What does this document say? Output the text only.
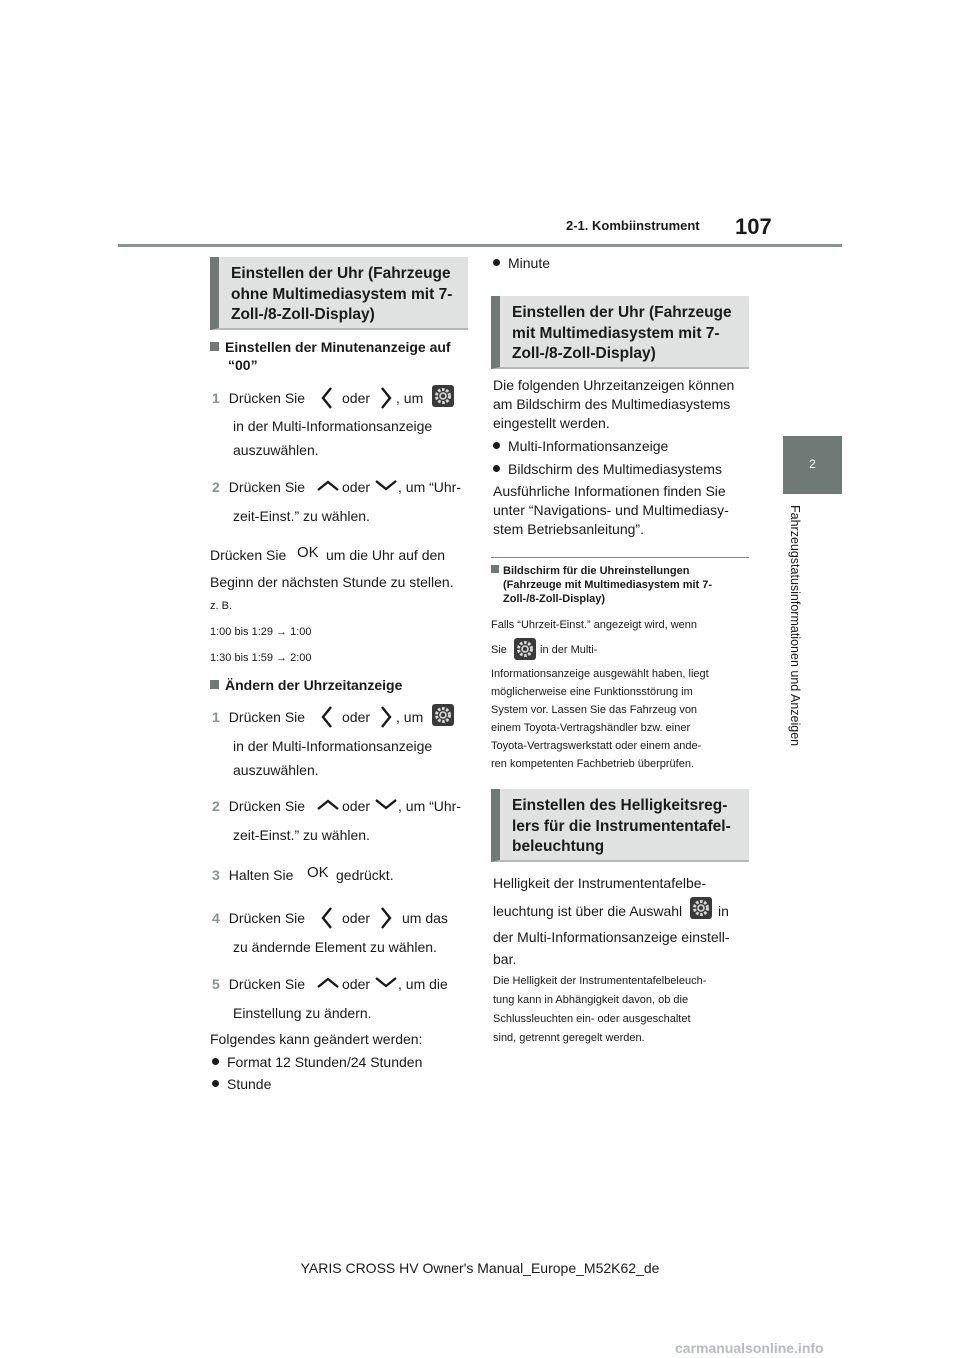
2-1. Kombiinstrument 107
2
Fahrzeugstatusinformationen und Anzeigen
Einstellen der Uhr (Fahrzeuge
ohne Multimediasystem mit 7-
Zoll-/8-Zoll-Display)
Einstellen der Minutenanzeige auf
“00”
1 Drücken Sie	oder , um
in der Multi-Informationsanzeige
auszuwählen.
2 Drücken Sie	oder , um “Uhr-
zeit-Einst.” zu wählen.
Drücken Sie OK um die Uhr auf den
Beginn der nächsten Stunde zu stellen.
z. B.
1:00 bis 1:29 → 1:00
1:30 bis 1:59 → 2:00
Ändern der Uhrzeitanzeige
1 Drücken Sie	oder , um
in der Multi-Informationsanzeige
auszuwählen.
2 Drücken Sie	oder , um “Uhr-
zeit-Einst.” zu wählen.
3 Halten Sie OK gedrückt.
4 Drücken Sie	oder um das
zu ändernde Element zu wählen.
5 Drücken Sie	oder , um die
Einstellung zu ändern.
Folgendes kann geändert werden:
Format 12 Stunden/24 Stunden
Stunde
Minute
Einstellen der Uhr (Fahrzeuge
mit Multimediasystem mit 7-
Zoll-/8-Zoll-Display)
Die folgenden Uhrzeitanzeigen können
am Bildschirm des Multimediasystems
eingestellt werden.
Multi-Informationsanzeige
Bildschirm des Multimediasystems
Ausführliche Informationen finden Sie
unter “Navigations- und Multimediasy-
stem Betriebsanleitung”.
Bildschirm für die Uhreinstellungen
(Fahrzeuge mit Multimediasystem mit 7-
Zoll-/8-Zoll-Display)
Falls “Uhrzeit-Einst.” angezeigt wird, wenn
Sie	in der Multi-
Informationsanzeige ausgewählt haben, liegt
möglicherweise eine Funktionsstörung im
System vor. Lassen Sie das Fahrzeug von
einem Toyota-Vertragshändler bzw. einer
Toyota-Vertragswerkstatt oder einem ande-
ren kompetenten Fachbetrieb überprüfen.
Einstellen des Helligkeitsreg-
lers für die Instrumententafel-
beleuchtung
Helligkeit der Instrumententafelbe-
leuchtung ist über die Auswahl	in
der Multi-Informationsanzeige einstell-
bar.
Die Helligkeit der Instrumententafelbeleuch-
tung kann in Abhängigkeit davon, ob die
Schlussleuchten ein- oder ausgeschaltet
sind, getrennt geregelt werden.
YARIS CROSS HV Owner's Manual_Europe_M52K62_de
carmanualsonline.info
